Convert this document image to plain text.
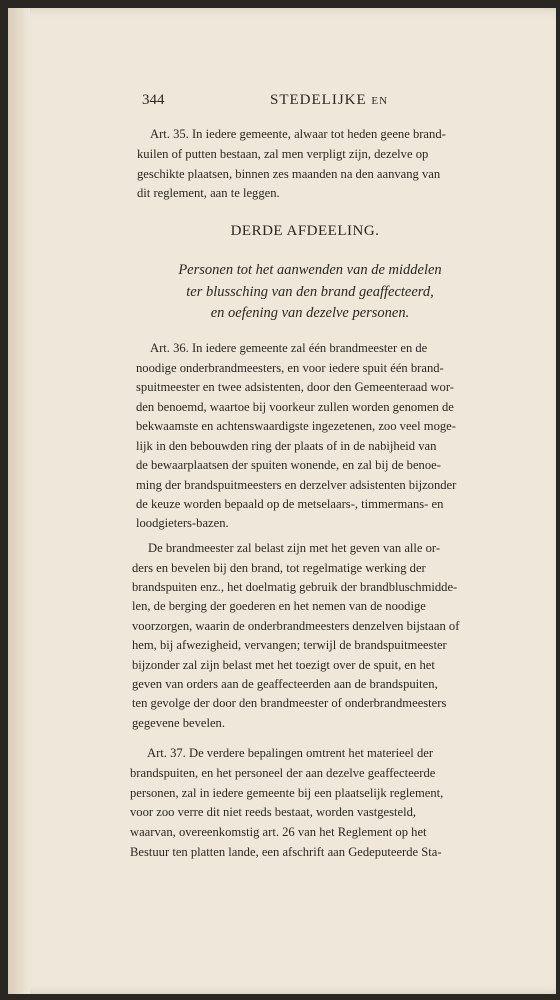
344	STEDELIJKE EN
Art. 35. In iedere gemeente, alwaar tot heden geene brand-
kuilen of putten bestaan, zal men verpligt zijn, dezelve op
geschikte plaatsen, binnen zes maanden na den aanvang van
dit reglement, aan te leggen.
DERDE AFDEELING.
Personen tot het aanwenden van de middelen
ter blussching van den brand geaffecteerd,
en oefening van dezelve personen.
Art. 36. In iedere gemeente zal één brandmeester en de
noodige onderbrandmeesters, en voor iedere spuit één brand-
spuitmeester en twee adsistenten, door den Gemeenteraad wor-
den benoemd, waartoe bij voorkeur zullen worden genomen de
bekwaamste en achtenswaardigste ingezetenen, zoo veel moge-
lijk in den bebouwden ring der plaats of in de nabijheid van
de bewaarplaatsen der spuiten wonende, en zal bij de benoe-
ming der brandspuitmeesters en derzelver adsistenten bijzonder
de keuze worden bepaald op de metselaars-, timmermans- en
loodgieters-bazen.
De brandmeester zal belast zijn met het geven van alle or-
ders en bevelen bij den brand, tot regelmatige werking der
brandspuiten enz., het doelmatig gebruik der brandbluschmidde-
len, de berging der goederen en het nemen van de noodige
voorzorgen, waarin de onderbrandmeesters denzelven bijstaan of
hem, bij afwezigheid, vervangen; terwijl de brandspuitmeester
bijzonder zal zijn belast met het toezigt over de spuit, en het
geven van orders aan de geaffecteerden aan de brandspuiten,
ten gevolge der door den brandmeester of onderbrandmeesters
gegevene bevelen.
Art. 37. De verdere bepalingen omtrent het materieel der
brandspuiten, en het personeel der aan dezelve geaffecteerde
personen, zal in iedere gemeente bij een plaatselijk reglement,
voor zoo verre dit niet reeds bestaat, worden vastgesteld,
waarvan, overeenkomstig art. 26 van het Reglement op het
Bestuur ten platten lande, een afschrift aan Gedeputeerde Sta-
